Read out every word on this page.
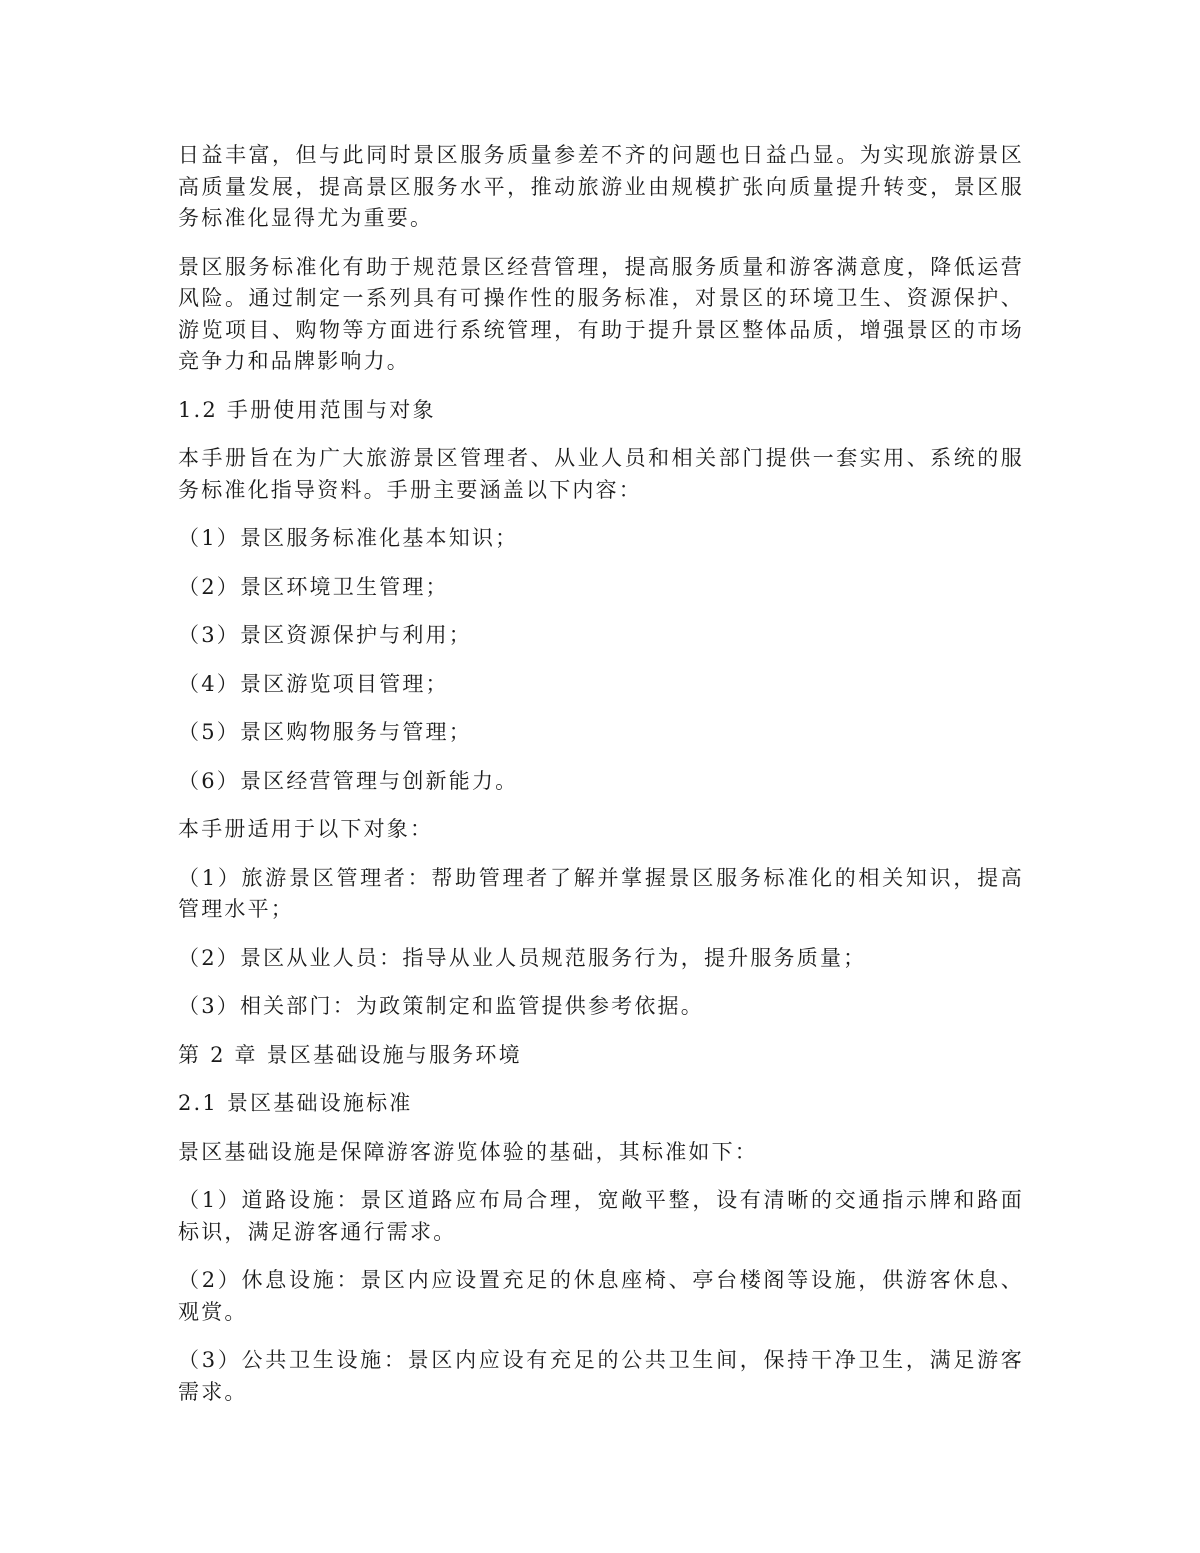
日益丰富，但与此同时景区服务质量参差不齐的问题也日益凸显。为实现旅游景区高质量发展，提高景区服务水平，推动旅游业由规模扩张向质量提升转变，景区服务标准化显得尤为重要。

景区服务标准化有助于规范景区经营管理，提高服务质量和游客满意度，降低运营风险。通过制定一系列具有可操作性的服务标准，对景区的环境卫生、资源保护、游览项目、购物等方面进行系统管理，有助于提升景区整体品质，增强景区的市场竞争力和品牌影响力。

1.2 手册使用范围与对象

本手册旨在为广大旅游景区管理者、从业人员和相关部门提供一套实用、系统的服务标准化指导资料。手册主要涵盖以下内容：

（1）景区服务标准化基本知识；

（2）景区环境卫生管理；

（3）景区资源保护与利用；

（4）景区游览项目管理；

（5）景区购物服务与管理；

（6）景区经营管理与创新能力。

本手册适用于以下对象：

（1）旅游景区管理者：帮助管理者了解并掌握景区服务标准化的相关知识，提高管理水平；

（2）景区从业人员：指导从业人员规范服务行为，提升服务质量；

（3）相关部门：为政策制定和监管提供参考依据。

第 2 章 景区基础设施与服务环境
2.1 景区基础设施标准

景区基础设施是保障游客游览体验的基础，其标准如下：

（1）道路设施：景区道路应布局合理，宽敞平整，设有清晰的交通指示牌和路面标识，满足游客通行需求。

（2）休息设施：景区内应设置充足的休息座椅、亭台楼阁等设施，供游客休息、观赏。

（3）公共卫生设施：景区内应设有充足的公共卫生间，保持干净卫生，满足游客需求。
